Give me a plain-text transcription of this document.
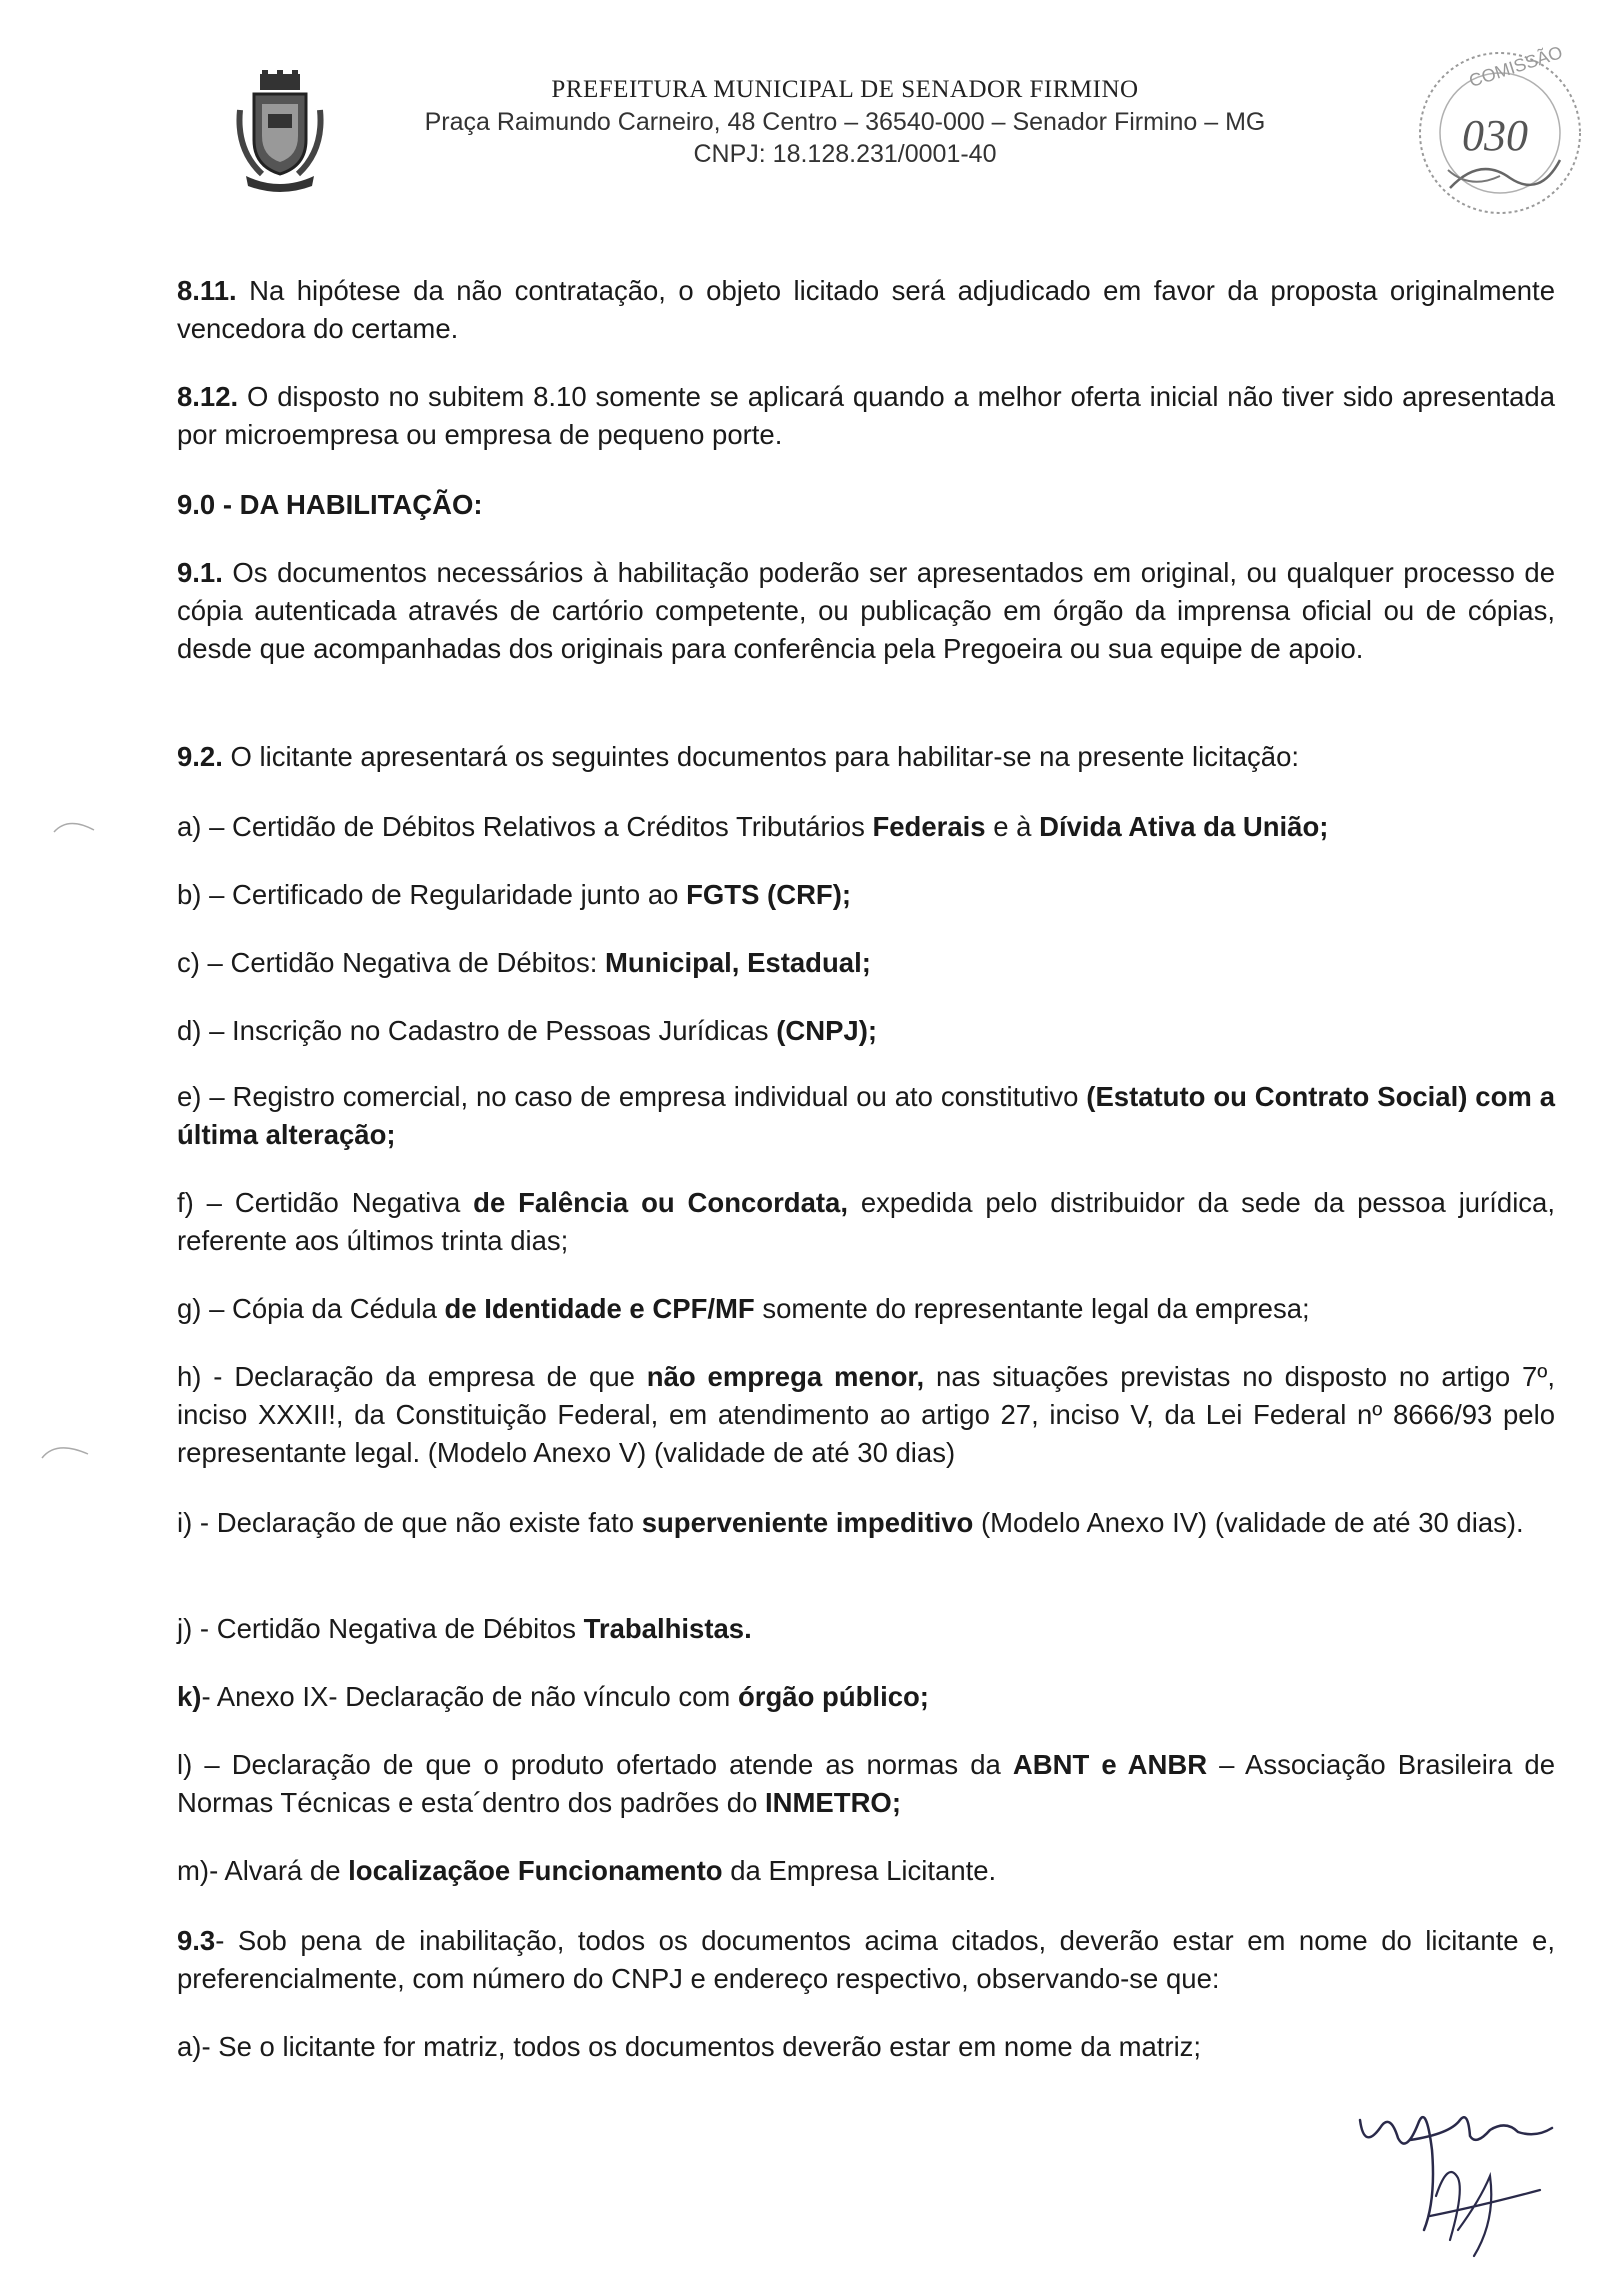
PREFEITURA MUNICIPAL DE SENADOR FIRMINO
Praça Raimundo Carneiro, 48 Centro – 36540-000 – Senador Firmino – MG
CNPJ: 18.128.231/0001-40
COMISSÃO
030
8.11. Na hipótese da não contratação, o objeto licitado será adjudicado em favor da proposta originalmente vencedora do certame.
8.12. O disposto no subitem 8.10 somente se aplicará quando a melhor oferta inicial não tiver sido apresentada por microempresa ou empresa de pequeno porte.
9.0 - DA HABILITAÇÃO:
9.1. Os documentos necessários à habilitação poderão ser apresentados em original, ou qualquer processo de cópia autenticada através de cartório competente, ou publicação em órgão da imprensa oficial ou de cópias, desde que acompanhadas dos originais para conferência pela Pregoeira ou sua equipe de apoio.
9.2. O licitante apresentará os seguintes documentos para habilitar-se na presente licitação:
a) – Certidão de Débitos Relativos a Créditos Tributários Federais e à Dívida Ativa da União;
b) – Certificado de Regularidade junto ao FGTS (CRF);
c) – Certidão Negativa de Débitos: Municipal, Estadual;
d) – Inscrição no Cadastro de Pessoas Jurídicas (CNPJ);
e) – Registro comercial, no caso de empresa individual ou ato constitutivo (Estatuto ou Contrato Social) com a última alteração;
f) – Certidão Negativa de Falência ou Concordata, expedida pelo distribuidor da sede da pessoa jurídica, referente aos últimos trinta dias;
g) – Cópia da Cédula de Identidade e CPF/MF somente do representante legal da empresa;
h) - Declaração da empresa de que não emprega menor, nas situações previstas no disposto no artigo 7º, inciso XXXII!, da Constituição Federal, em atendimento ao artigo 27, inciso V, da Lei Federal nº 8666/93 pelo representante legal. (Modelo Anexo V) (validade de até 30 dias)
i) - Declaração de que não existe fato superveniente impeditivo (Modelo Anexo IV) (validade de até 30 dias).
j) - Certidão Negativa de Débitos Trabalhistas.
k)- Anexo IX- Declaração de não vínculo com órgão público;
l) – Declaração de que o produto ofertado atende as normas da ABNT e ANBR – Associação Brasileira de Normas Técnicas e esta´dentro dos padrões do INMETRO;
m)- Alvará de localizaçãoe Funcionamento da Empresa Licitante.
9.3- Sob pena de inabilitação, todos os documentos acima citados, deverão estar em nome do licitante e, preferencialmente, com número do CNPJ e endereço respectivo, observando-se que:
a)- Se o licitante for matriz, todos os documentos deverão estar em nome da matriz;
